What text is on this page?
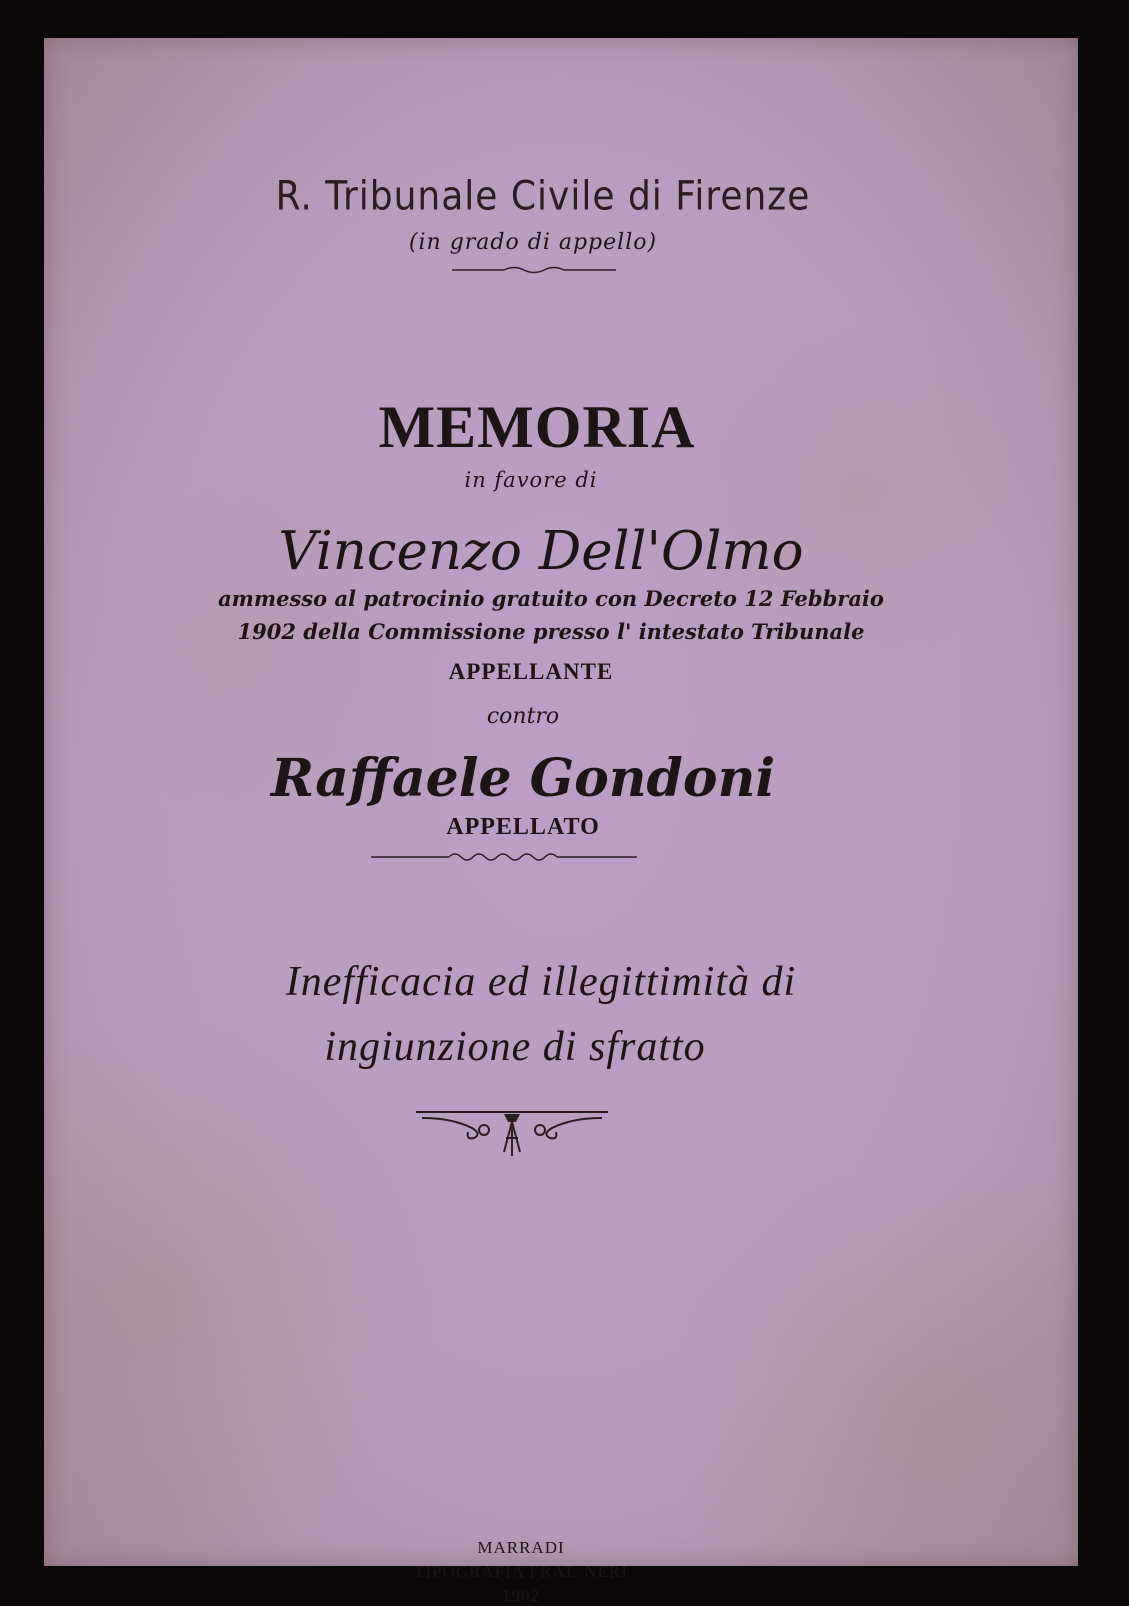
R. Tribunale Civile di Firenze
(in grado di appello)
MEMORIA
in favore di
Vincenzo Dell'Olmo
ammesso al patrocinio gratuito con Decreto 12 Febbraio
1902 della Commissione presso l' intestato Tribunale
APPELLANTE
contro
Raffaele Gondoni
APPELLATO
Inefficacia ed illegittimità di
ingiunzione di sfratto
MARRADI
TIPOGRAFIA FRAT. NERI
1902
